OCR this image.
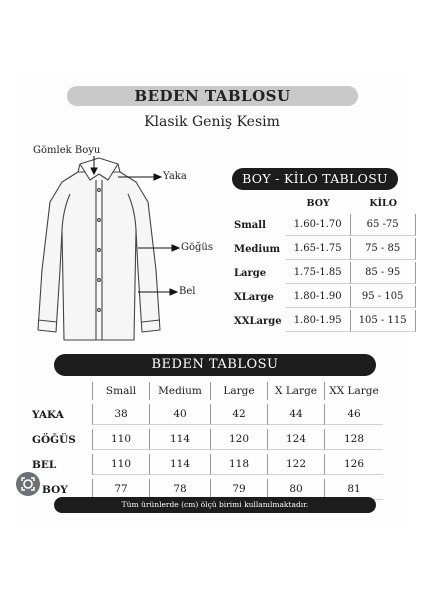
BEDEN TABLOSU
Klasik Geniş Kesim
Gömlek Boyu
Yaka
Göğüs
Bel
BOY - KİLO TABLOSU
	BOY	KİLO
Small	1.60-1.70	65 -75
Medium	1.65-1.75	75 - 85
Large	1.75-1.85	85 - 95
XLarge	1.80-1.90	95 - 105
XXLarge	1.80-1.95	105 - 115
BEDEN TABLOSU
	Small	Medium	Large	X Large	XX Large
YAKA	38	40	42	44	46
GÖĞÜS	110	114	120	124	128
BEL	110	114	118	122	126
BOY	77	78	79	80	81
Tüm ürünlerde (cm) ölçü birimi kullanılmaktadır.
